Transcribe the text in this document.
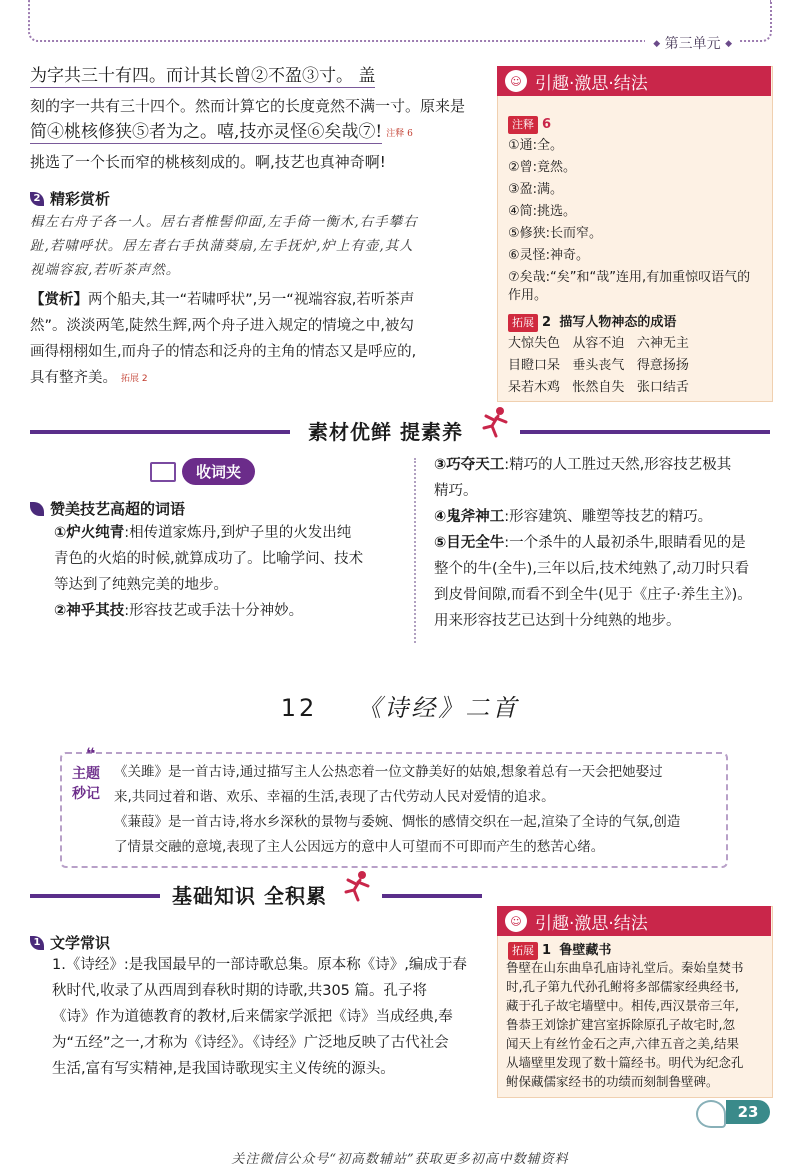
◆ 第三单元 ◆
为字共三十有四。而计其长曾②不盈③寸。 盖
刻的字一共有三十四个。然而计算它的长度竟然不满一寸。原来是
简④桃核修狭⑤者为之。嘻,技亦灵怪⑥矣哉⑦! 注释 6
挑选了一个长而窄的桃核刻成的。啊,技艺也真神奇啊!
2 精彩赏析
楫左右舟子各一人。居右者椎髻仰面,左手倚一衡木,右手攀右
趾,若啸呼状。居左者右手执蒲葵扇,左手抚炉,炉上有壶,其人
视端容寂,若听茶声然。
【赏析】两个船夫,其一“若啸呼状”,另一“视端容寂,若听茶声
然”。淡淡两笔,陡然生辉,两个舟子进入规定的情境之中,被勾
画得栩栩如生,而舟子的情态和泛舟的主角的情态又是呼应的,
具有整齐美。 拓展 2
☺ 引趣·激思·结法
注释 6
①通:全。
②曾:竟然。
③盈:满。
④简:挑选。
⑤修狭:长而窄。
⑥灵怪:神奇。
⑦矣哉:“矣”和“哉”连用,有加重惊叹语气的
作用。
拓展 2 描写人物神态的成语
大惊失色 从容不迫 六神无主
目瞪口呆 垂头丧气 得意扬扬
呆若木鸡 怅然自失 张口结舌
素材优鲜 提素养
收词夹
赞美技艺高超的词语
①炉火纯青:相传道家炼丹,到炉子里的火发出纯
青色的火焰的时候,就算成功了。比喻学问、技术
等达到了纯熟完美的地步。
②神乎其技:形容技艺或手法十分神妙。
③巧夺天工:精巧的人工胜过天然,形容技艺极其
精巧。
④鬼斧神工:形容建筑、雕塑等技艺的精巧。
⑤目无全牛:一个杀牛的人最初杀牛,眼睛看见的是
整个的牛(全牛),三年以后,技术纯熟了,动刀时只看
到皮骨间隙,而看不到全牛(见于《庄子·养生主》)。
用来形容技艺已达到十分纯熟的地步。
12 《诗经》二首
❝
主题秒记
《关雎》是一首古诗,通过描写主人公热恋着一位文静美好的姑娘,想象着总有一天会把她娶过
来,共同过着和谐、欢乐、幸福的生活,表现了古代劳动人民对爱情的追求。
《蒹葭》是一首古诗,将水乡深秋的景物与委婉、惆怅的感情交织在一起,渲染了全诗的气氛,创造
了情景交融的意境,表现了主人公因远方的意中人可望而不可即而产生的愁苦心绪。
基础知识 全积累
1 文学常识
1.《诗经》:是我国最早的一部诗歌总集。原本称《诗》,编成于春
秋时代,收录了从西周到春秋时期的诗歌,共305 篇。孔子将
《诗》作为道德教育的教材,后来儒家学派把《诗》当成经典,奉
为“五经”之一,才称为《诗经》。《诗经》广泛地反映了古代社会
生活,富有写实精神,是我国诗歌现实主义传统的源头。
☺ 引趣·激思·结法
拓展 1 鲁壁藏书
鲁壁在山东曲阜孔庙诗礼堂后。秦始皇焚书
时,孔子第九代孙孔鲋将多部儒家经典经书,
藏于孔子故宅墙壁中。相传,西汉景帝三年,
鲁恭王刘馀扩建宫室拆除原孔子故宅时,忽
闻天上有丝竹金石之声,六律五音之美,结果
从墙壁里发现了数十篇经书。明代为纪念孔
鲋保藏儒家经书的功绩而刻制鲁壁碑。
23
关注微信公众号“初高数辅站”获取更多初高中数辅资料
